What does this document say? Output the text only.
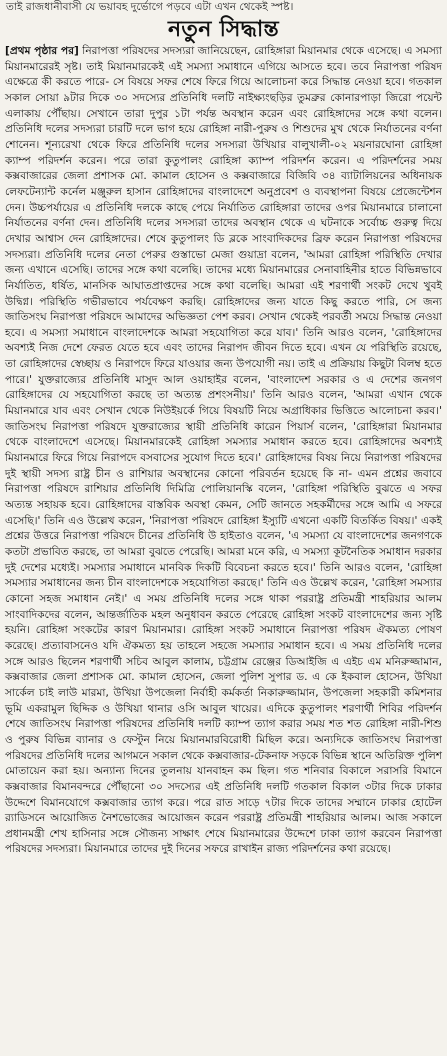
তাই রাজধানীবাসী যে ভয়াবহ দুর্ভোগে পড়বে এটা এখন থেকেই স্পষ্ট।

নতুন সিদ্ধান্ত

[প্রথম পৃষ্ঠার পর] নিরাপত্তা পরিষদের সদস্যরা জানিয়েছেন, রোহিঙ্গারা মিয়ানমার থেকে এসেছে। এ সমস্যা মিয়ানমারেরই সৃষ্ট। তাই মিয়ানমারকেই এই সমস্যা সমাধানে এগিয়ে আসতে হবে। তবে নিরাপত্তা পরিষদ এক্ষেত্রে কী করতে পারে- সে বিষয়ে সফর শেষে ফিরে গিয়ে আলোচনা করে সিদ্ধান্ত নেওয়া হবে। গতকাল সকাল সোয়া ৯টার দিকে ৩০ সদস্যের প্রতিনিধি দলটি নাইক্ষ্যংছড়ির তুমব্রুর কোনারপাড়া জিরো পয়েন্ট এলাকায় পৌঁছায়। সেখানে তারা দুপুর ১টা পর্যন্ত অবস্থান করেন এবং রোহিঙ্গাদের সঙ্গে কথা বলেন। প্রতিনিধি দলের সদস্যরা চারটি দলে ভাগ হয়ে রোহিঙ্গা নারী-পুরুষ ও শিশুদের মুখ থেকে নির্যাতনের বর্ণনা শোনেন। শূন্যরেখা থেকে ফিরে প্রতিনিধি দলের সদস্যরা উখিয়ার বালুখালী-০২ ময়নারঘোনা রোহিঙ্গা ক্যাম্প পরিদর্শন করেন। পরে তারা কুতুপালং রোহিঙ্গা ক্যাম্প পরিদর্শন করেন। এ পরিদর্শনের সময় কক্সবাজারের জেলা প্রশাসক মো. কামাল হোসেন ও কক্সবাজারে বিজিবি ৩৪ ব্যাটালিয়নের অধিনায়ক লেফটেন্যান্ট কর্নেল মঞ্জুরুল হাসান রোহিঙ্গাদের বাংলাদেশে অনুপ্রবেশ ও ব্যবস্থাপনা বিষয়ে প্রেজেন্টেশন দেন। উচ্চপর্যায়ের এ প্রতিনিধি দলকে কাছে পেয়ে নির্যাতিত রোহিঙ্গারা তাদের ওপর মিয়ানমারে চালানো নির্যাতনের বর্ণনা দেন। প্রতিনিধি দলের সদস্যরা তাদের অবস্থান থেকে এ ঘটনাকে সর্বোচ্চ গুরুত্ব দিয়ে দেখার আশ্বাস দেন রোহিঙ্গাদের। শেষে কুতুপালং ডি ব্লকে সাংবাদিকদের ব্রিফ করেন নিরাপত্তা পরিষদের সদস্যরা। প্রতিনিধি দলের নেতা পেরুর গুস্তাভো মেজা গুয়াদ্রা বলেন, 'আমরা রোহিঙ্গা পরিস্থিতি দেখার জন্য এখানে এসেছি। তাদের সঙ্গে কথা বলেছি। তাদের মধ্যে মিয়ানমারের সেনাবাহিনীর হাতে বিভিন্নভাবে নির্যাতিত, ধর্ষিত, মানসিক আঘাতপ্রাপ্তদের সঙ্গে কথা বলেছি। আমরা এই শরণার্থী সংকট দেখে খুবই উদ্বিগ্ন। পরিস্থিতি গভীরভাবে পর্যবেক্ষণ করছি। রোহিঙ্গাদের জন্য যাতে কিছু করতে পারি, সে জন্য জাতিসংঘ নিরাপত্তা পরিষদে আমাদের অভিজ্ঞতা পেশ করব। সেখান থেকেই পরবর্তী সময়ে সিদ্ধান্ত নেওয়া হবে। এ সমস্যা সমাধানে বাংলাদেশকে আমরা সহযোগিতা করে যাব।' তিনি আরও বলেন, 'রোহিঙ্গাদের অবশ্যই নিজ দেশে ফেরত যেতে হবে এবং তাদের নিরাপদ জীবন দিতে হবে। এখন যে পরিস্থিতি রয়েছে, তা রোহিঙ্গাদের স্বেচ্ছায় ও নিরাপদে ফিরে যাওয়ার জন্য উপযোগী নয়। তাই এ প্রক্রিয়ায় কিছুটা বিলম্ব হতে পারে।' যুক্তরাজ্যের প্রতিনিধি মাসুদ আল ওয়াহাইর বলেন, 'বাংলাদেশ সরকার ও এ দেশের জনগণ রোহিঙ্গাদের যে সহযোগিতা করছে তা অত্যন্ত প্রশংসনীয়।' তিনি আরও বলেন, 'আমরা এখান থেকে মিয়ানমারে যাব এবং সেখান থেকে নিউইয়র্কে গিয়ে বিষয়টি নিয়ে অগ্রাধিকার ভিত্তিতে আলোচনা করব।' জাতিসংঘ নিরাপত্তা পরিষদে যুক্তরাজ্যের স্থায়ী প্রতিনিধি কারেন পিয়ার্স বলেন, 'রোহিঙ্গারা মিয়ানমার থেকে বাংলাদেশে এসেছে। মিয়ানমারকেই রোহিঙ্গা সমস্যার সমাধান করতে হবে। রোহিঙ্গাদের অবশ্যই মিয়ানমারে ফিরে গিয়ে নিরাপদে বসবাসের সুযোগ দিতে হবে।' রোহিঙ্গাদের বিষয় নিয়ে নিরাপত্তা পরিষদের দুই স্থায়ী সদস্য রাষ্ট্র চীন ও রাশিয়ার অবস্থানের কোনো পরিবর্তন হয়েছে কি না- এমন প্রশ্নের জবাবে নিরাপত্তা পরিষদে রাশিয়ার প্রতিনিধি দিমিত্রি পোলিয়ানস্কি বলেন, 'রোহিঙ্গা পরিস্থিতি বুঝতে এ সফর অত্যন্ত সহায়ক হবে। রোহিঙ্গাদের বাস্তবিক অবস্থা কেমন, সেটি জানতে সহকর্মীদের সঙ্গে আমি এ সফরে এসেছি।' তিনি এও উল্লেখ করেন, 'নিরাপত্তা পরিষদে রোহিঙ্গা ইস্যুটি এখনো একটি বিতর্কিত বিষয়।' একই প্রশ্নের উত্তরে নিরাপত্তা পরিষদে চীনের প্রতিনিধি উ হাইতাও বলেন, 'এ সমস্যা যে বাংলাদেশের জনগণকে কতটা প্রভাবিত করছে, তা আমরা বুঝতে পেরেছি। আমরা মনে করি, এ সমস্যা কূটনৈতিক সমাধান দরকার দুই দেশের মধ্যেই। সমস্যার সমাধানে মানবিক দিকটি বিবেচনা করতে হবে।' তিনি আরও বলেন, 'রোহিঙ্গা সমস্যার সমাধানের জন্য চীন বাংলাদেশকে সহযোগিতা করছে।' তিনি এও উল্লেখ করেন, 'রোহিঙ্গা সমস্যার কোনো সহজ সমাধান নেই।' এ সময় প্রতিনিধি দলের সঙ্গে থাকা পররাষ্ট্র প্রতিমন্ত্রী শাহরিয়ার আলম সাংবাদিকদের বলেন, আন্তর্জাতিক মহল অনুধাবন করতে পেরেছে রোহিঙ্গা সংকট বাংলাদেশের জন্য সৃষ্টি হয়নি। রোহিঙ্গা সংকটের কারণ মিয়ানমার। রোহিঙ্গা সংকট সমাধানে নিরাপত্তা পরিষদ ঐকমত্য পোষণ করেছে। প্রত্যাবাসনেও যদি ঐকমত্য হয় তাহলে সহজে সমস্যার সমাধান হবে। এ সময় প্রতিনিধি দলের সঙ্গে আরও ছিলেন শরণার্থী সচিব আবুল কালাম, চট্টগ্রাম রেঞ্জের ডিআইজি এ এইচ এম মনিরুজ্জামান, কক্সবাজার জেলা প্রশাসক মো. কামাল হোসেন, জেলা পুলিশ সুপার ড. এ কে ইকবাল হোসেন, উখিয়া সার্কেল চাই লাউ মারমা, উখিয়া উপজেলা নির্বাহী কর্মকর্তা নিকারুজ্জামান, উপজেলা সহকারী কমিশনার ভূমি একরামুল ছিদ্দিক ও উখিয়া থানার ওসি আবুল খায়ের। এদিকে কুতুপালং শরণার্থী শিবির পরিদর্শন শেষে জাতিসংঘ নিরাপত্তা পরিষদের প্রতিনিধি দলটি ক্যাম্প ত্যাগ করার সময় শত শত রোহিঙ্গা নারী-শিশু ও পুরুষ বিভিন্ন ব্যানার ও ফেস্টুন নিয়ে মিয়ানমারবিরোধী মিছিল করে। অন্যদিকে জাতিসংঘ নিরাপত্তা পরিষদের প্রতিনিধি দলের আগমনে সকাল থেকে কক্সবাজার-টেকনাফ সড়কে বিভিন্ন স্থানে অতিরিক্ত পুলিশ মোতায়েন করা হয়। অন্যান্য দিনের তুলনায় যানবাহন কম ছিল। গত শনিবার বিকালে সরাসরি বিমানে কক্সবাজার বিমানবন্দরে পৌঁছানো ৩০ সদস্যের এই প্রতিনিধি দলটি গতকাল বিকাল ৩টার দিকে ঢাকার উদ্দেশে বিমানযোগে কক্সবাজার ত্যাগ করে। পরে রাত সাড়ে ৭টার দিকে তাদের সম্মানে ঢাকার হোটেল র‌্যাডিসনে আয়োজিত নৈশভোজের আয়োজন করেন পররাষ্ট্র প্রতিমন্ত্রী শাহরিয়ার আলম। আজ সকালে প্রধানমন্ত্রী শেখ হাসিনার সঙ্গে সৌজন্য সাক্ষাৎ শেষে মিয়ানমারের উদ্দেশে ঢাকা ত্যাগ করবেন নিরাপত্তা পরিষদের সদস্যরা। মিয়ানমারে তাদের দুই দিনের সফরে রাখাইন রাজ্য পরিদর্শনের কথা রয়েছে।
